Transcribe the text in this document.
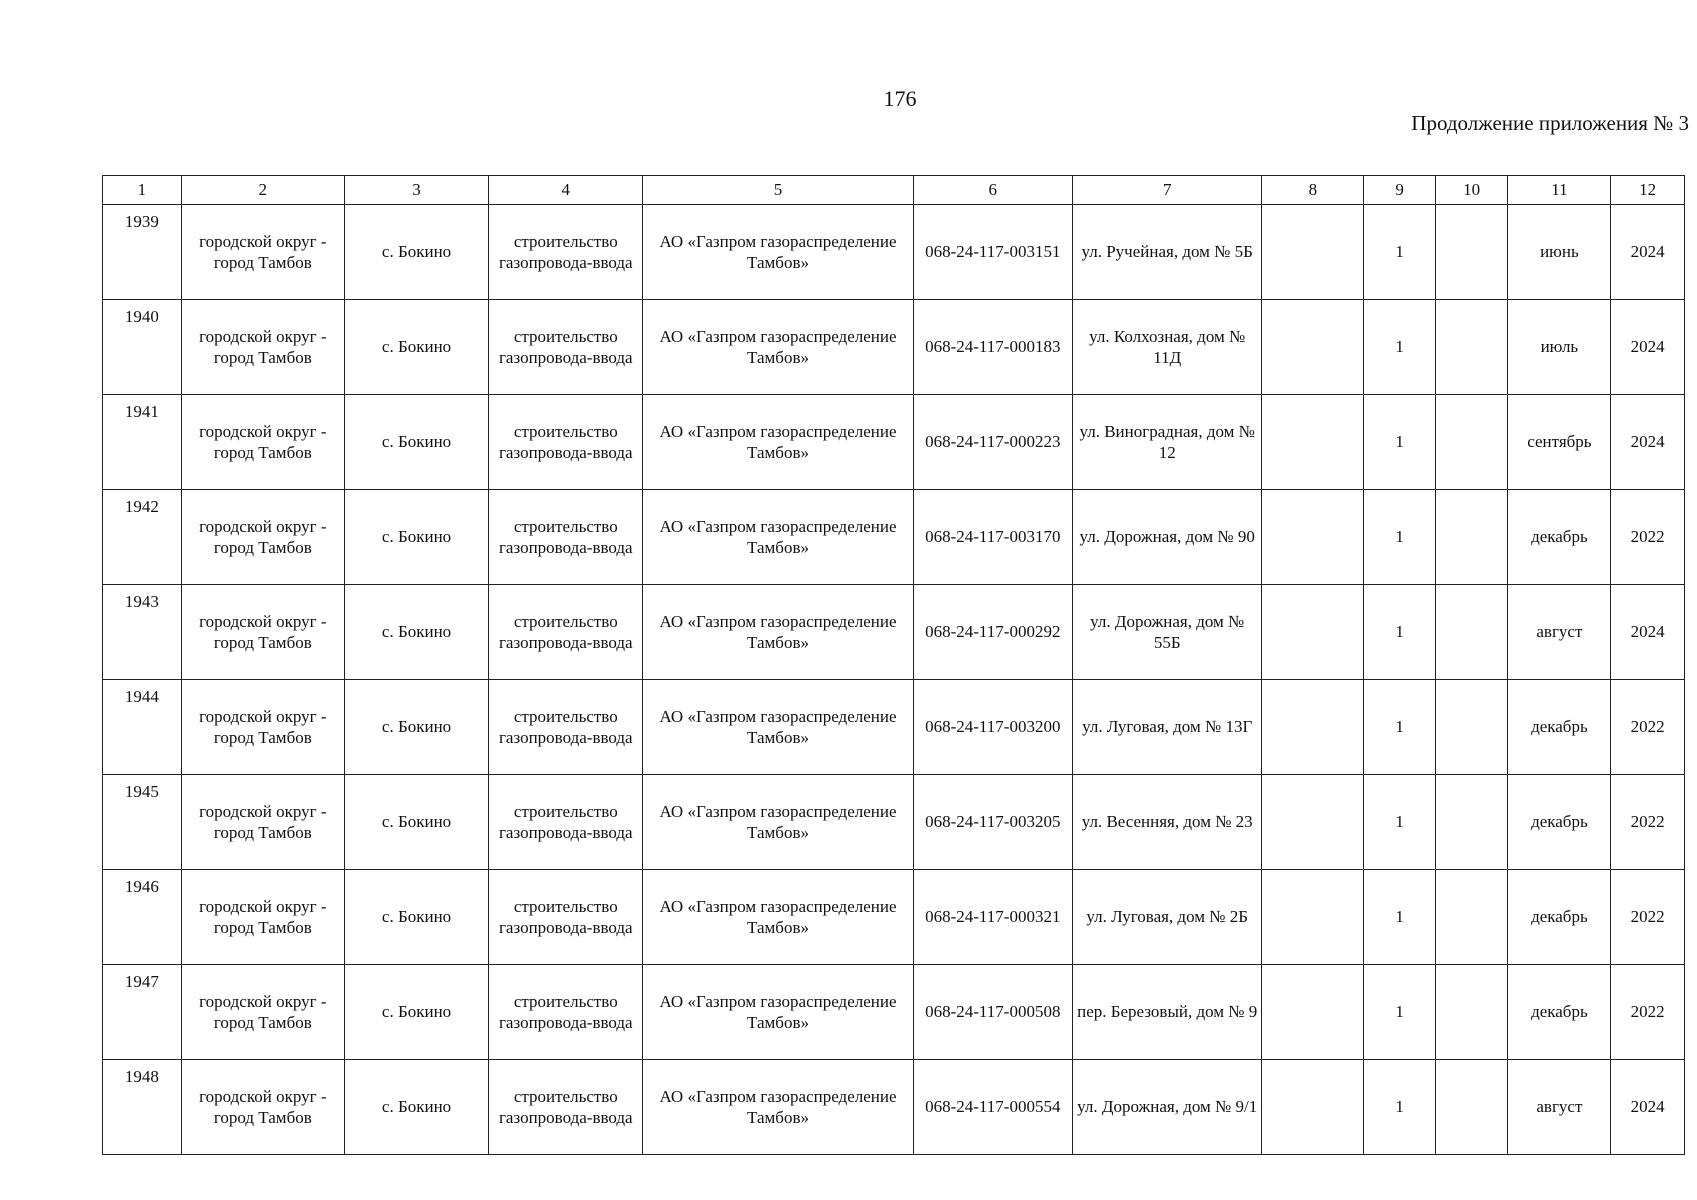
176
Продолжение приложения № 3
1	2	3	4	5	6	7	8	9	10	11	12
1939	городской округ - город Тамбов	с. Бокино	строительство газопровода-ввода	АО «Газпром газораспределение Тамбов»	068-24-117-003151	ул. Ручейная, дом № 5Б		1		июнь	2024
1940	городской округ - город Тамбов	с. Бокино	строительство газопровода-ввода	АО «Газпром газораспределение Тамбов»	068-24-117-000183	ул. Колхозная, дом № 11Д		1		июль	2024
1941	городской округ - город Тамбов	с. Бокино	строительство газопровода-ввода	АО «Газпром газораспределение Тамбов»	068-24-117-000223	ул. Виноградная, дом № 12		1		сентябрь	2024
1942	городской округ - город Тамбов	с. Бокино	строительство газопровода-ввода	АО «Газпром газораспределение Тамбов»	068-24-117-003170	ул. Дорожная, дом № 90		1		декабрь	2022
1943	городской округ - город Тамбов	с. Бокино	строительство газопровода-ввода	АО «Газпром газораспределение Тамбов»	068-24-117-000292	ул. Дорожная, дом № 55Б		1		август	2024
1944	городской округ - город Тамбов	с. Бокино	строительство газопровода-ввода	АО «Газпром газораспределение Тамбов»	068-24-117-003200	ул. Луговая, дом № 13Г		1		декабрь	2022
1945	городской округ - город Тамбов	с. Бокино	строительство газопровода-ввода	АО «Газпром газораспределение Тамбов»	068-24-117-003205	ул. Весенняя, дом № 23		1		декабрь	2022
1946	городской округ - город Тамбов	с. Бокино	строительство газопровода-ввода	АО «Газпром газораспределение Тамбов»	068-24-117-000321	ул. Луговая, дом № 2Б		1		декабрь	2022
1947	городской округ - город Тамбов	с. Бокино	строительство газопровода-ввода	АО «Газпром газораспределение Тамбов»	068-24-117-000508	пер. Березовый, дом № 9		1		декабрь	2022
1948	городской округ - город Тамбов	с. Бокино	строительство газопровода-ввода	АО «Газпром газораспределение Тамбов»	068-24-117-000554	ул. Дорожная, дом № 9/1		1		август	2024
